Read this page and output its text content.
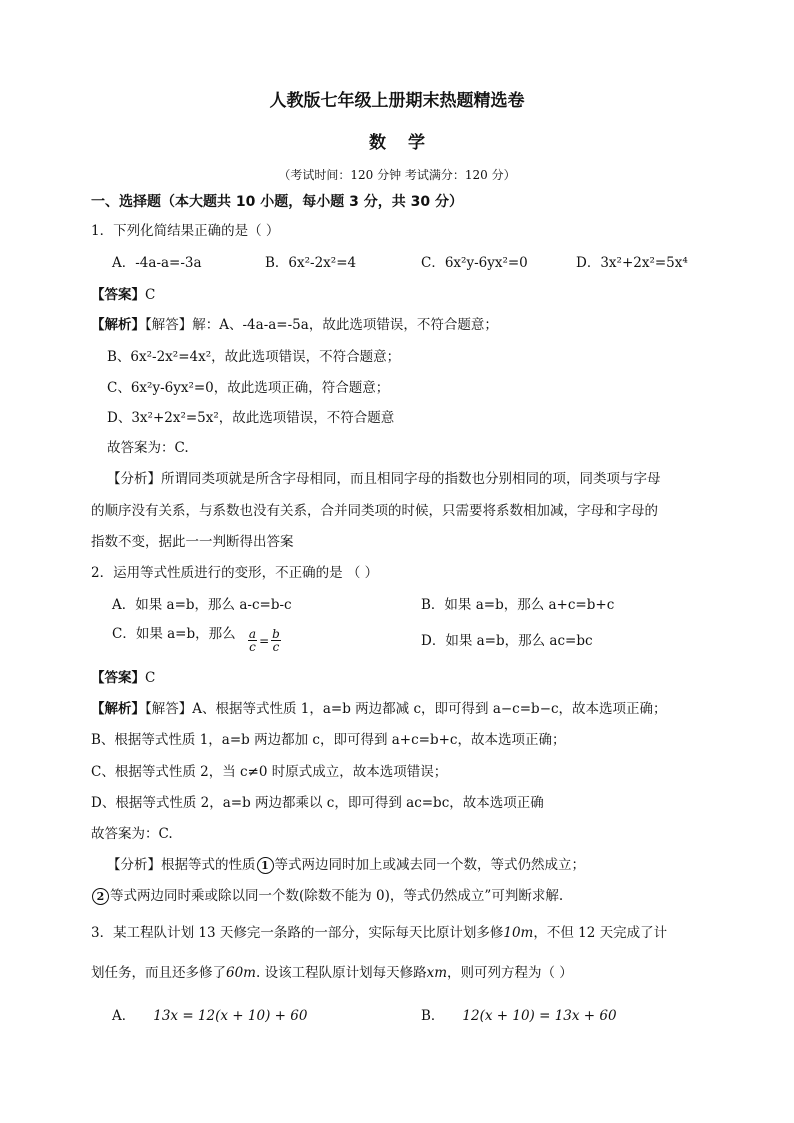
人教版七年级上册期末热题精选卷
数学
（考试时间：120 分钟 考试满分：120 分）
一、选择题（本大题共 10 小题，每小题 3 分，共 30 分）
1．下列化简结果正确的是（ ）
A．-4a-a=-3a	B．6x²-2x²=4	C．6x²y-6yx²=0	D．3x²+2x²=5x⁴
【答案】C
【解析】【解答】解：A、-4a-a=-5a，故此选项错误，不符合题意；
B、6x²-2x²=4x²，故此选项错误，不符合题意；
C、6x²y-6yx²=0，故此选项正确，符合题意；
D、3x²+2x²=5x²，故此选项错误，不符合题意
故答案为：C.
【分析】所谓同类项就是所含字母相同，而且相同字母的指数也分别相同的项，同类项与字母
的顺序没有关系，与系数也没有关系，合并同类项的时候，只需要将系数相加减，字母和字母的
指数不变，据此一一判断得出答案
2．运用等式性质进行的变形，不正确的是 （ ）
A．如果 a=b，那么 a-c=b-c	B．如果 a=b，那么 a+c=b+c
C．如果 a=b，那么 $\frac{a}{c} = \frac{b}{c}$	D．如果 a=b，那么 ac=bc
【答案】C
【解析】【解答】A、根据等式性质 1，a=b 两边都减 c，即可得到 a−c=b−c，故本选项正确；
B、根据等式性质 1，a=b 两边都加 c，即可得到 a+c=b+c，故本选项正确；
C、根据等式性质 2，当 c≠0 时原式成立，故本选项错误；
D、根据等式性质 2，a=b 两边都乘以 c，即可得到 ac=bc，故本选项正确
故答案为：C.
【分析】根据等式的性质 1 等式两边同时加上或减去同一个数，等式仍然成立；
2 等式两边同时乘或除以同一个数(除数不能为 0)，等式仍然成立”可判断求解.
3．某工程队计划 13 天修完一条路的一部分，实际每天比原计划多修10m，不但 12 天完成了计
划任务，而且还多修了60m. 设该工程队原计划每天修路xm，则可列方程为（ ）
A． 13x = 12(x + 10) + 60	B． 12(x + 10) = 13x + 60
